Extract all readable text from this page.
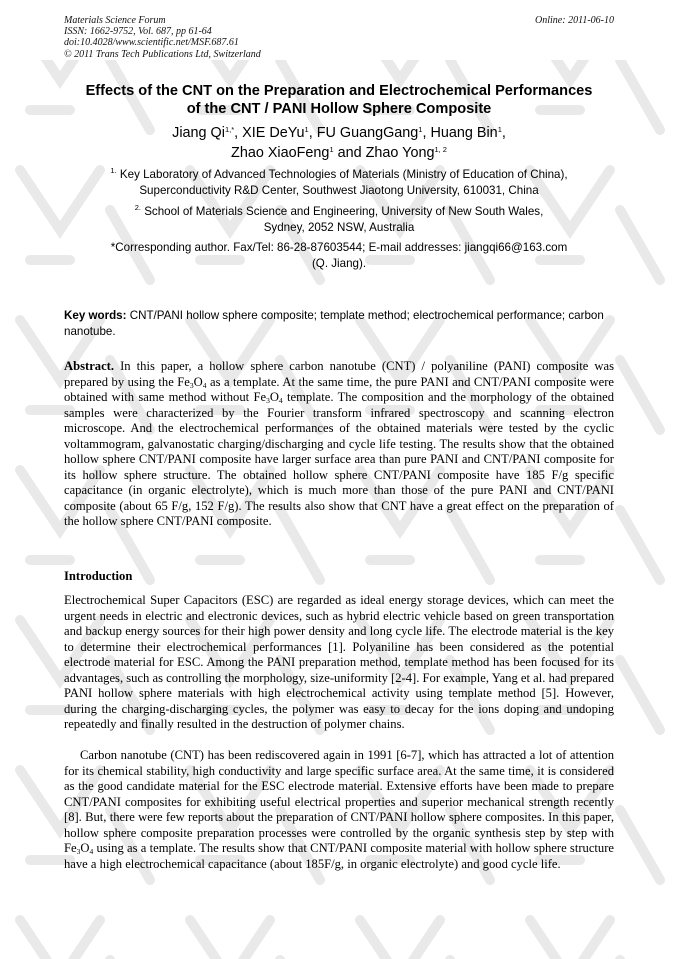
Materials Science Forum
ISSN: 1662-9752, Vol. 687, pp 61-64
doi:10.4028/www.scientific.net/MSF.687.61
© 2011 Trans Tech Publications Ltd, Switzerland
Online: 2011-06-10
Effects of the CNT on the Preparation and Electrochemical Performances
of the CNT / PANI Hollow Sphere Composite
Jiang $Qi^{1,*}$, XIE DeYu$^1$, FU GuangGang$^1$, Huang Bin$^1$,
Zhao XiaoFeng$^1$ and Zhao Yong$^{1, 2}$
$^{1.}$ Key Laboratory of Advanced Technologies of Materials (Ministry of Education of China),
Superconductivity R&D Center, Southwest Jiaotong University, 610031, China
$^{2.}$ School of Materials Science and Engineering, University of New South Wales,
Sydney, 2052 NSW, Australia
*Corresponding author. Fax/Tel: 86-28-87603544; E-mail addresses: jiangqi66@163.com
(Q. Jiang).

Key words: CNT/PANI hollow sphere composite; template method; electrochemical performance; carbon nanotube.

Abstract. In this paper, a hollow sphere carbon nanotube (CNT) / polyaniline (PANI) composite was prepared by using the $Fe_3O_4$ as a template. At the same time, the pure PANI and CNT/PANI composite were obtained with same method without $Fe_3O_4$ template. The composition and the morphology of the obtained samples were characterized by the Fourier transform infrared spectroscopy and scanning electron microscope. And the electrochemical performances of the obtained materials were tested by the cyclic voltammogram, galvanostatic charging/discharging and cycle life testing. The results show that the obtained hollow sphere CNT/PANI composite have larger surface area than pure PANI and CNT/PANI composite for its hollow sphere structure. The obtained hollow sphere CNT/PANI composite have 185 F/g specific capacitance (in organic electrolyte), which is much more than those of the pure PANI and CNT/PANI composite (about 65 F/g, 152 F/g). The results also show that CNT have a great effect on the preparation of the hollow sphere CNT/PANI composite.

Introduction

Electrochemical Super Capacitors (ESC) are regarded as ideal energy storage devices, which can meet the urgent needs in electric and electronic devices, such as hybrid electric vehicle based on green transportation and backup energy sources for their high power density and long cycle life. The electrode material is the key to determine their electrochemical performances [1]. Polyaniline has been considered as the potential electrode material for ESC. Among the PANI preparation method, template method has been focused for its advantages, such as controlling the morphology, size-uniformity [2-4]. For example, Yang et al. had prepared PANI hollow sphere materials with high electrochemical activity using template method [5]. However, during the charging-discharging cycles, the polymer was easy to decay for the ions doping and undoping repeatedly and finally resulted in the destruction of polymer chains.

Carbon nanotube (CNT) has been rediscovered again in 1991 [6-7], which has attracted a lot of attention for its chemical stability, high conductivity and large specific surface area. At the same time, it is considered as the good candidate material for the ESC electrode material. Extensive efforts have been made to prepare CNT/PANI composites for exhibiting useful electrical properties and superior mechanical strength recently [8]. But, there were few reports about the preparation of CNT/PANI hollow sphere composites. In this paper, hollow sphere composite preparation processes were controlled by the organic synthesis step by step with $Fe_3O_4$ using as a template. The results show that CNT/PANI composite material with hollow sphere structure have a high electrochemical capacitance (about 185F/g, in organic electrolyte) and good cycle life.
